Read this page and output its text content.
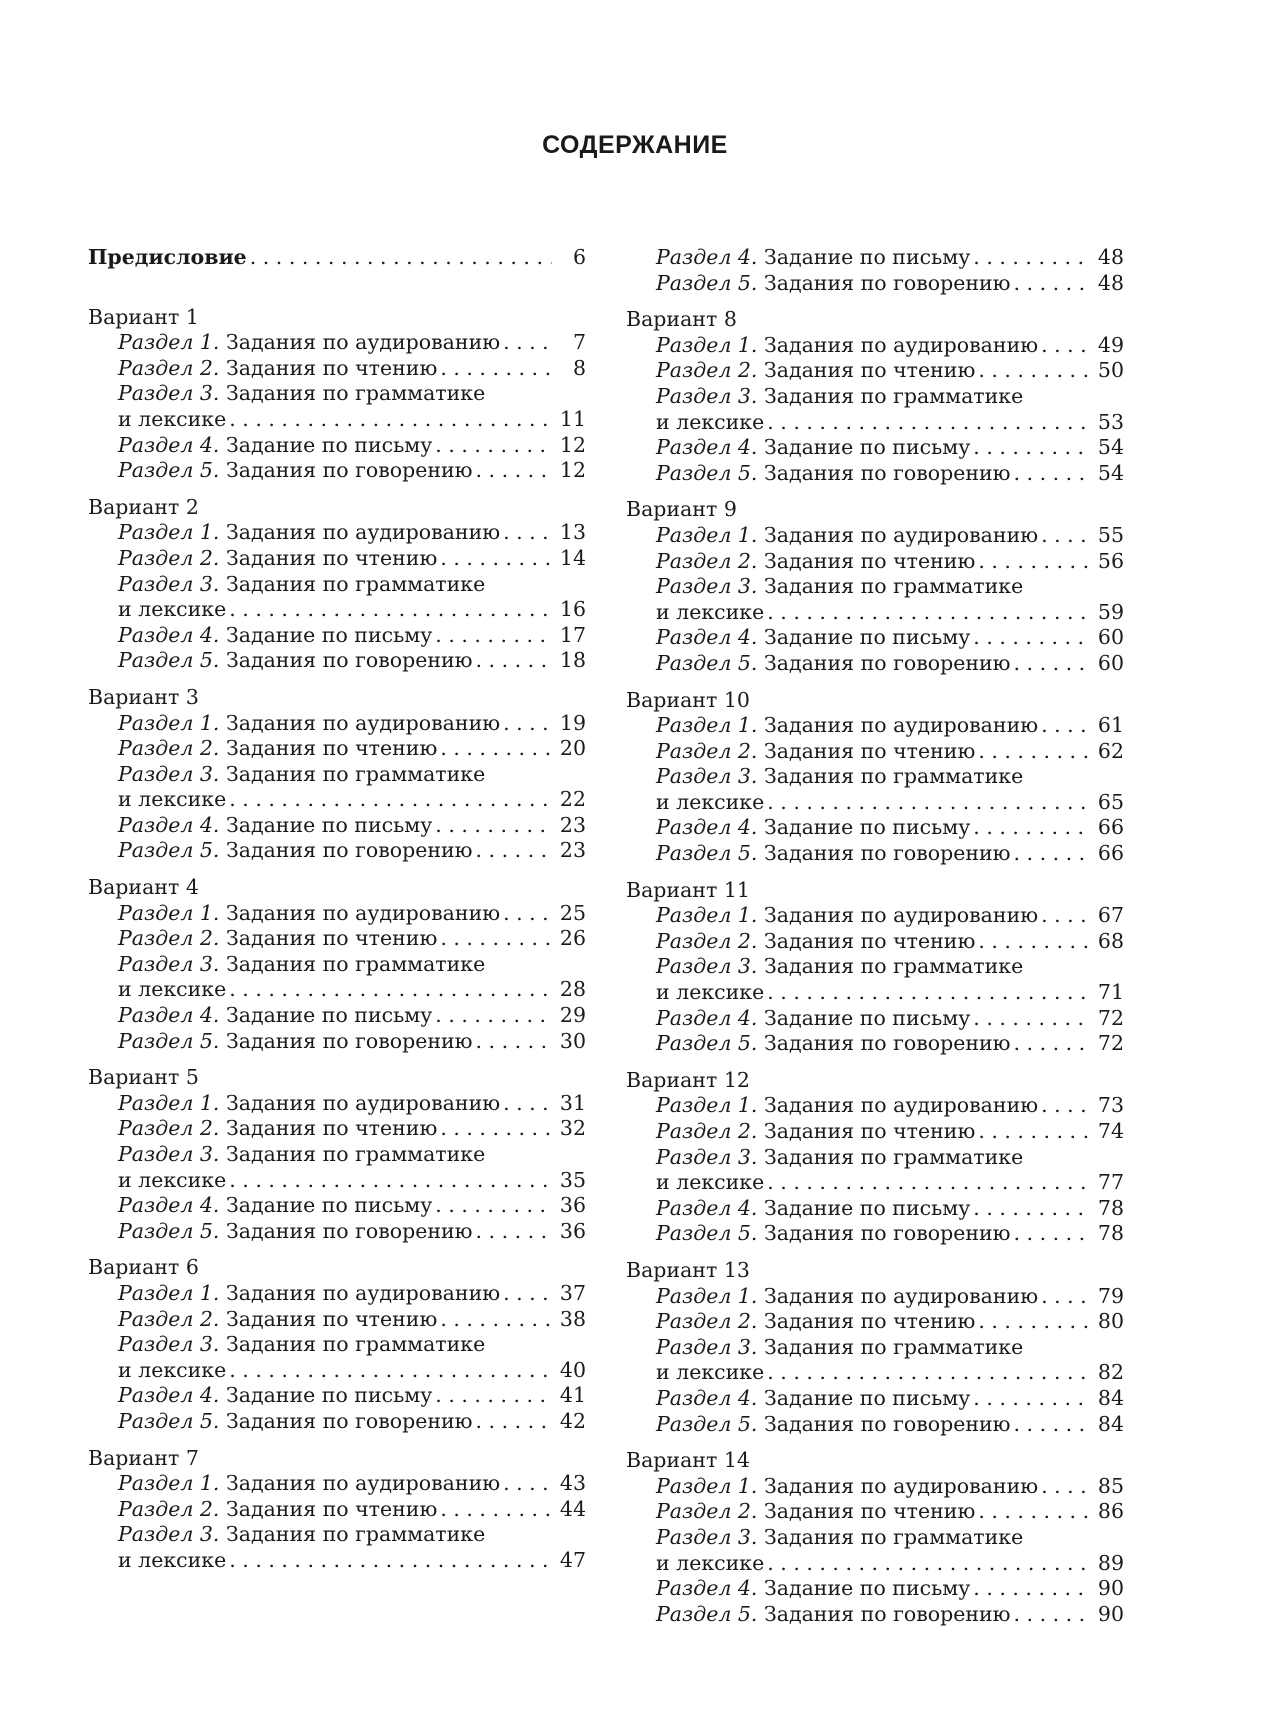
СОДЕРЖАНИЕ
Предисловие . . .	6
Вариант 1
Раздел 1. Задания по аудированию . . .	7
Раздел 2. Задания по чтению . . .	8
Раздел 3. Задания по грамматике
и лексике . . .	11
Раздел 4. Задание по письму . . .	12
Раздел 5. Задания по говорению . . .	12
Вариант 2
Раздел 1. Задания по аудированию . . .	13
Раздел 2. Задания по чтению . . .	14
Раздел 3. Задания по грамматике
и лексике . . .	16
Раздел 4. Задание по письму . . .	17
Раздел 5. Задания по говорению . . .	18
Вариант 3
Раздел 1. Задания по аудированию . . .	19
Раздел 2. Задания по чтению . . .	20
Раздел 3. Задания по грамматике
и лексике . . .	22
Раздел 4. Задание по письму . . .	23
Раздел 5. Задания по говорению . . .	23
Вариант 4
Раздел 1. Задания по аудированию . . .	25
Раздел 2. Задания по чтению . . .	26
Раздел 3. Задания по грамматике
и лексике . . .	28
Раздел 4. Задание по письму . . .	29
Раздел 5. Задания по говорению . . .	30
Вариант 5
Раздел 1. Задания по аудированию . . .	31
Раздел 2. Задания по чтению . . .	32
Раздел 3. Задания по грамматике
и лексике . . .	35
Раздел 4. Задание по письму . . .	36
Раздел 5. Задания по говорению . . .	36
Вариант 6
Раздел 1. Задания по аудированию . . .	37
Раздел 2. Задания по чтению . . .	38
Раздел 3. Задания по грамматике
и лексике . . .	40
Раздел 4. Задание по письму . . .	41
Раздел 5. Задания по говорению . . .	42
Вариант 7
Раздел 1. Задания по аудированию . . .	43
Раздел 2. Задания по чтению . . .	44
Раздел 3. Задания по грамматике
и лексике . . .	47
Раздел 4. Задание по письму . . .	48
Раздел 5. Задания по говорению . . .	48
Вариант 8
Раздел 1. Задания по аудированию . . .	49
Раздел 2. Задания по чтению . . .	50
Раздел 3. Задания по грамматике
и лексике . . .	53
Раздел 4. Задание по письму . . .	54
Раздел 5. Задания по говорению . . .	54
Вариант 9
Раздел 1. Задания по аудированию . . .	55
Раздел 2. Задания по чтению . . .	56
Раздел 3. Задания по грамматике
и лексике . . .	59
Раздел 4. Задание по письму . . .	60
Раздел 5. Задания по говорению . . .	60
Вариант 10
Раздел 1. Задания по аудированию . . .	61
Раздел 2. Задания по чтению . . .	62
Раздел 3. Задания по грамматике
и лексике . . .	65
Раздел 4. Задание по письму . . .	66
Раздел 5. Задания по говорению . . .	66
Вариант 11
Раздел 1. Задания по аудированию . . .	67
Раздел 2. Задания по чтению . . .	68
Раздел 3. Задания по грамматике
и лексике . . .	71
Раздел 4. Задание по письму . . .	72
Раздел 5. Задания по говорению . . .	72
Вариант 12
Раздел 1. Задания по аудированию . . .	73
Раздел 2. Задания по чтению . . .	74
Раздел 3. Задания по грамматике
и лексике . . .	77
Раздел 4. Задание по письму . . .	78
Раздел 5. Задания по говорению . . .	78
Вариант 13
Раздел 1. Задания по аудированию . . .	79
Раздел 2. Задания по чтению . . .	80
Раздел 3. Задания по грамматике
и лексике . . .	82
Раздел 4. Задание по письму . . .	84
Раздел 5. Задания по говорению . . .	84
Вариант 14
Раздел 1. Задания по аудированию . . .	85
Раздел 2. Задания по чтению . . .	86
Раздел 3. Задания по грамматике
и лексике . . .	89
Раздел 4. Задание по письму . . .	90
Раздел 5. Задания по говорению . . .	90
